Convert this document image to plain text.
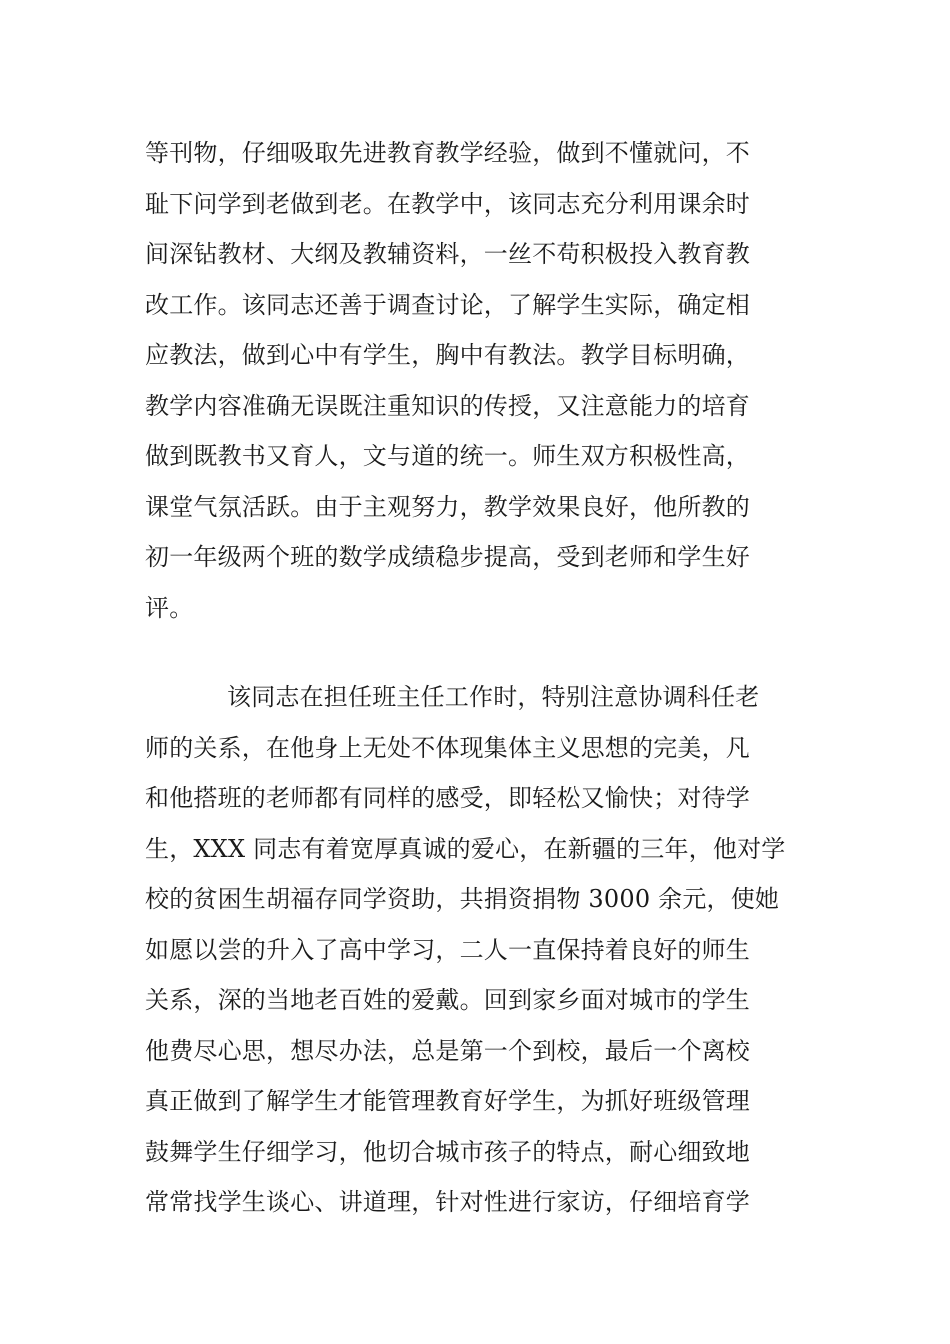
等刊物，仔细吸取先进教育教学经验，做到不懂就问，不
耻下问学到老做到老。在教学中，该同志充分利用课余时
间深钻教材、大纲及教辅资料，一丝不苟积极投入教育教
改工作。该同志还善于调查讨论，了解学生实际，确定相
应教法，做到心中有学生，胸中有教法。教学目标明确，
教学内容准确无误既注重知识的传授，又注意能力的培育
做到既教书又育人，文与道的统一。师生双方积极性高，
课堂气氛活跃。由于主观努力，教学效果良好，他所教的
初一年级两个班的数学成绩稳步提高，受到老师和学生好
评。
该同志在担任班主任工作时，特别注意协调科任老
师的关系，在他身上无处不体现集体主义思想的完美，凡
和他搭班的老师都有同样的感受，即轻松又愉快；对待学
生，XXX 同志有着宽厚真诚的爱心，在新疆的三年，他对学
校的贫困生胡福存同学资助，共捐资捐物 3000 余元，使她
如愿以尝的升入了高中学习，二人一直保持着良好的师生
关系，深的当地老百姓的爱戴。回到家乡面对城市的学生
他费尽心思，想尽办法，总是第一个到校，最后一个离校
真正做到了解学生才能管理教育好学生，为抓好班级管理
鼓舞学生仔细学习，他切合城市孩子的特点，耐心细致地
常常找学生谈心、讲道理，针对性进行家访，仔细培育学
